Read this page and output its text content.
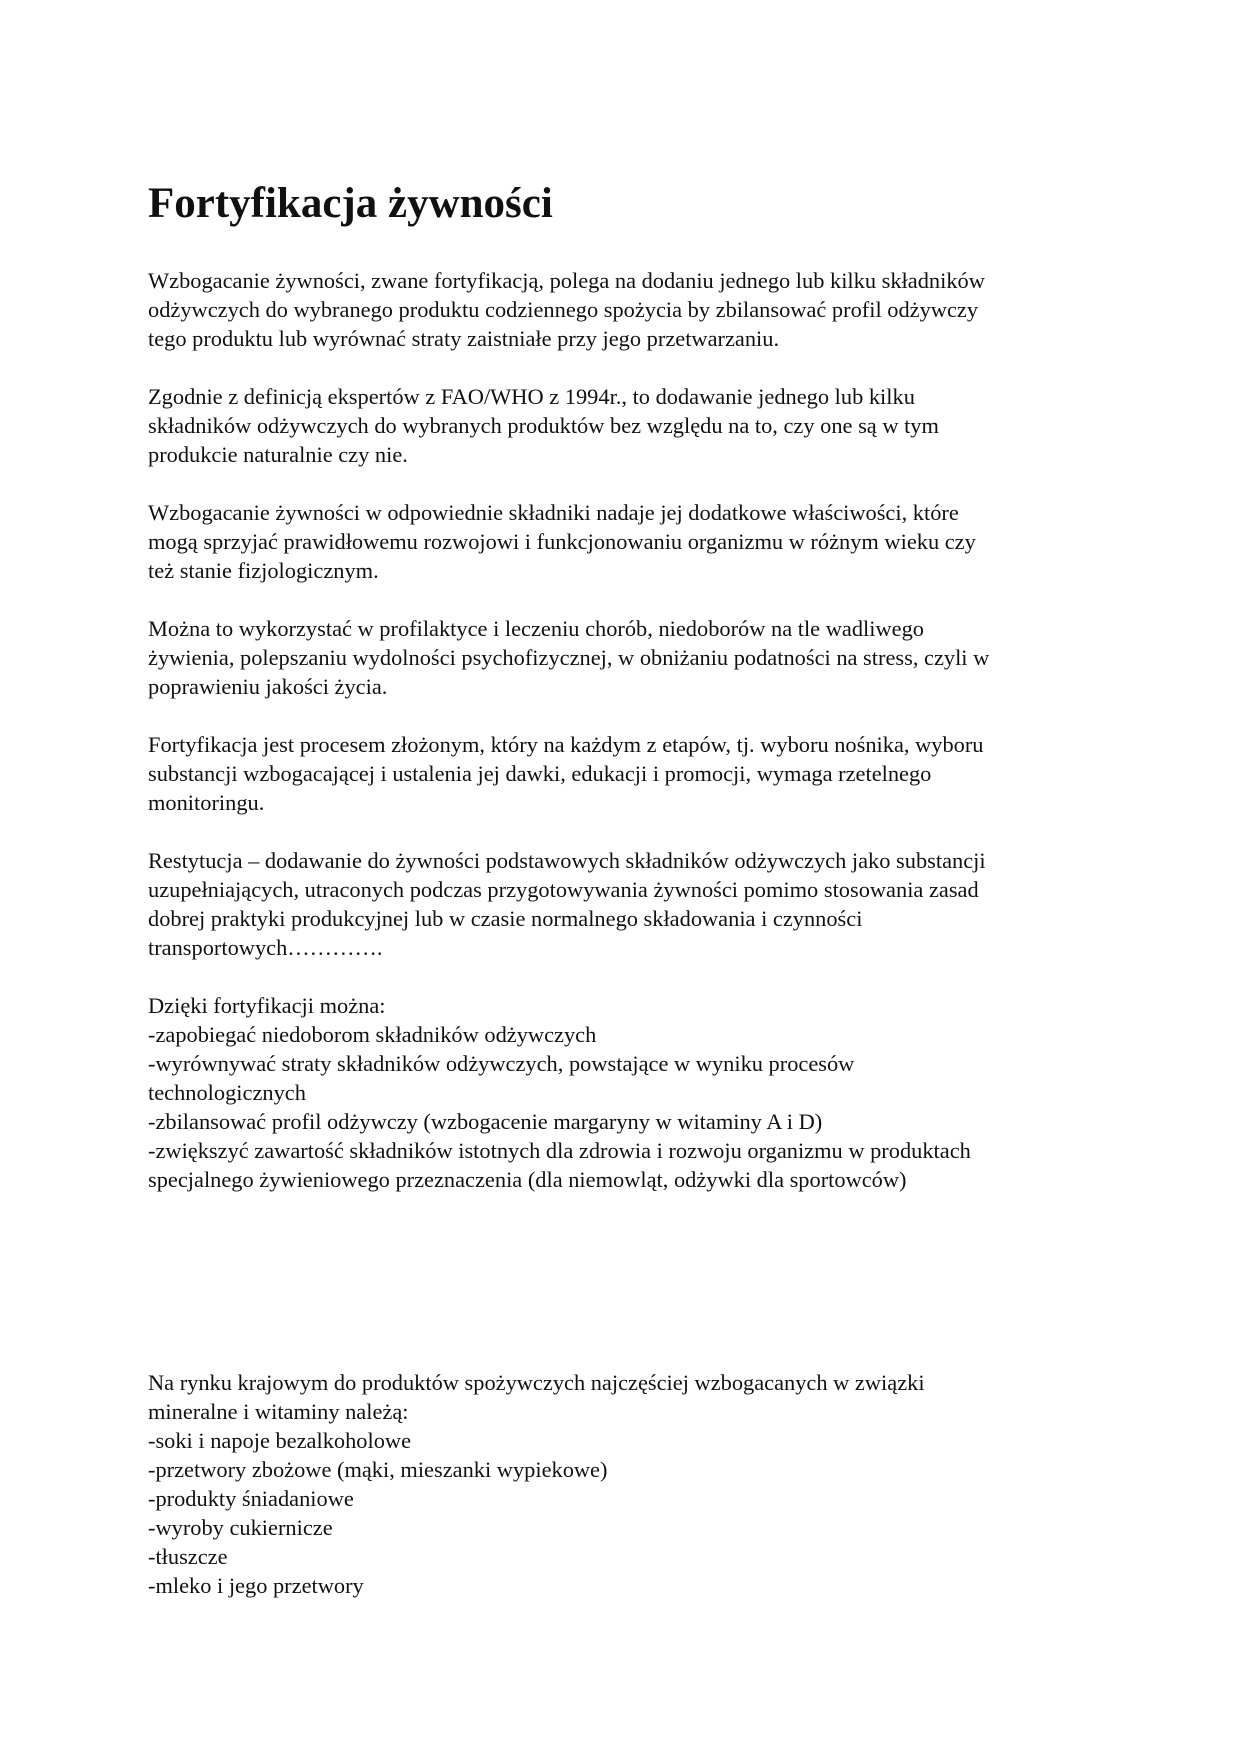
Fortyfikacja żywności
Wzbogacanie żywności, zwane fortyfikacją, polega na dodaniu jednego lub kilku składników
odżywczych do wybranego produktu codziennego spożycia by zbilansować profil odżywczy
tego produktu lub wyrównać straty zaistniałe przy jego przetwarzaniu.
Zgodnie z definicją ekspertów z FAO/WHO z 1994r., to dodawanie jednego lub kilku
składników odżywczych do wybranych produktów bez względu na to, czy one są w tym
produkcie naturalnie czy nie.
Wzbogacanie żywności w odpowiednie składniki nadaje jej dodatkowe właściwości, które
mogą sprzyjać prawidłowemu rozwojowi i funkcjonowaniu organizmu w różnym wieku czy
też stanie fizjologicznym.
Można to wykorzystać w profilaktyce i leczeniu chorób, niedoborów na tle wadliwego
żywienia, polepszaniu wydolności psychofizycznej, w obniżaniu podatności na stress, czyli w
poprawieniu jakości życia.
Fortyfikacja jest procesem złożonym, który na każdym z etapów, tj. wyboru nośnika, wyboru
substancji wzbogacającej i ustalenia jej dawki, edukacji i promocji, wymaga rzetelnego
monitoringu.
Restytucja – dodawanie do żywności podstawowych składników odżywczych jako substancji
uzupełniających, utraconych podczas przygotowywania żywności pomimo stosowania zasad
dobrej praktyki produkcyjnej lub w czasie normalnego składowania i czynności
transportowych………….
Dzięki fortyfikacji można:
-zapobiegać niedoborom składników odżywczych
-wyrównywać straty składników odżywczych, powstające w wyniku procesów
technologicznych
-zbilansować profil odżywczy (wzbogacenie margaryny w witaminy A i D)
-zwiększyć zawartość składników istotnych dla zdrowia i rozwoju organizmu w produktach
specjalnego żywieniowego przeznaczenia (dla niemowląt, odżywki dla sportowców)
Na rynku krajowym do produktów spożywczych najczęściej wzbogacanych w związki
mineralne i witaminy należą:
-soki i napoje bezalkoholowe
-przetwory zbożowe (mąki, mieszanki wypiekowe)
-produkty śniadaniowe
-wyroby cukiernicze
-tłuszcze
-mleko i jego przetwory
